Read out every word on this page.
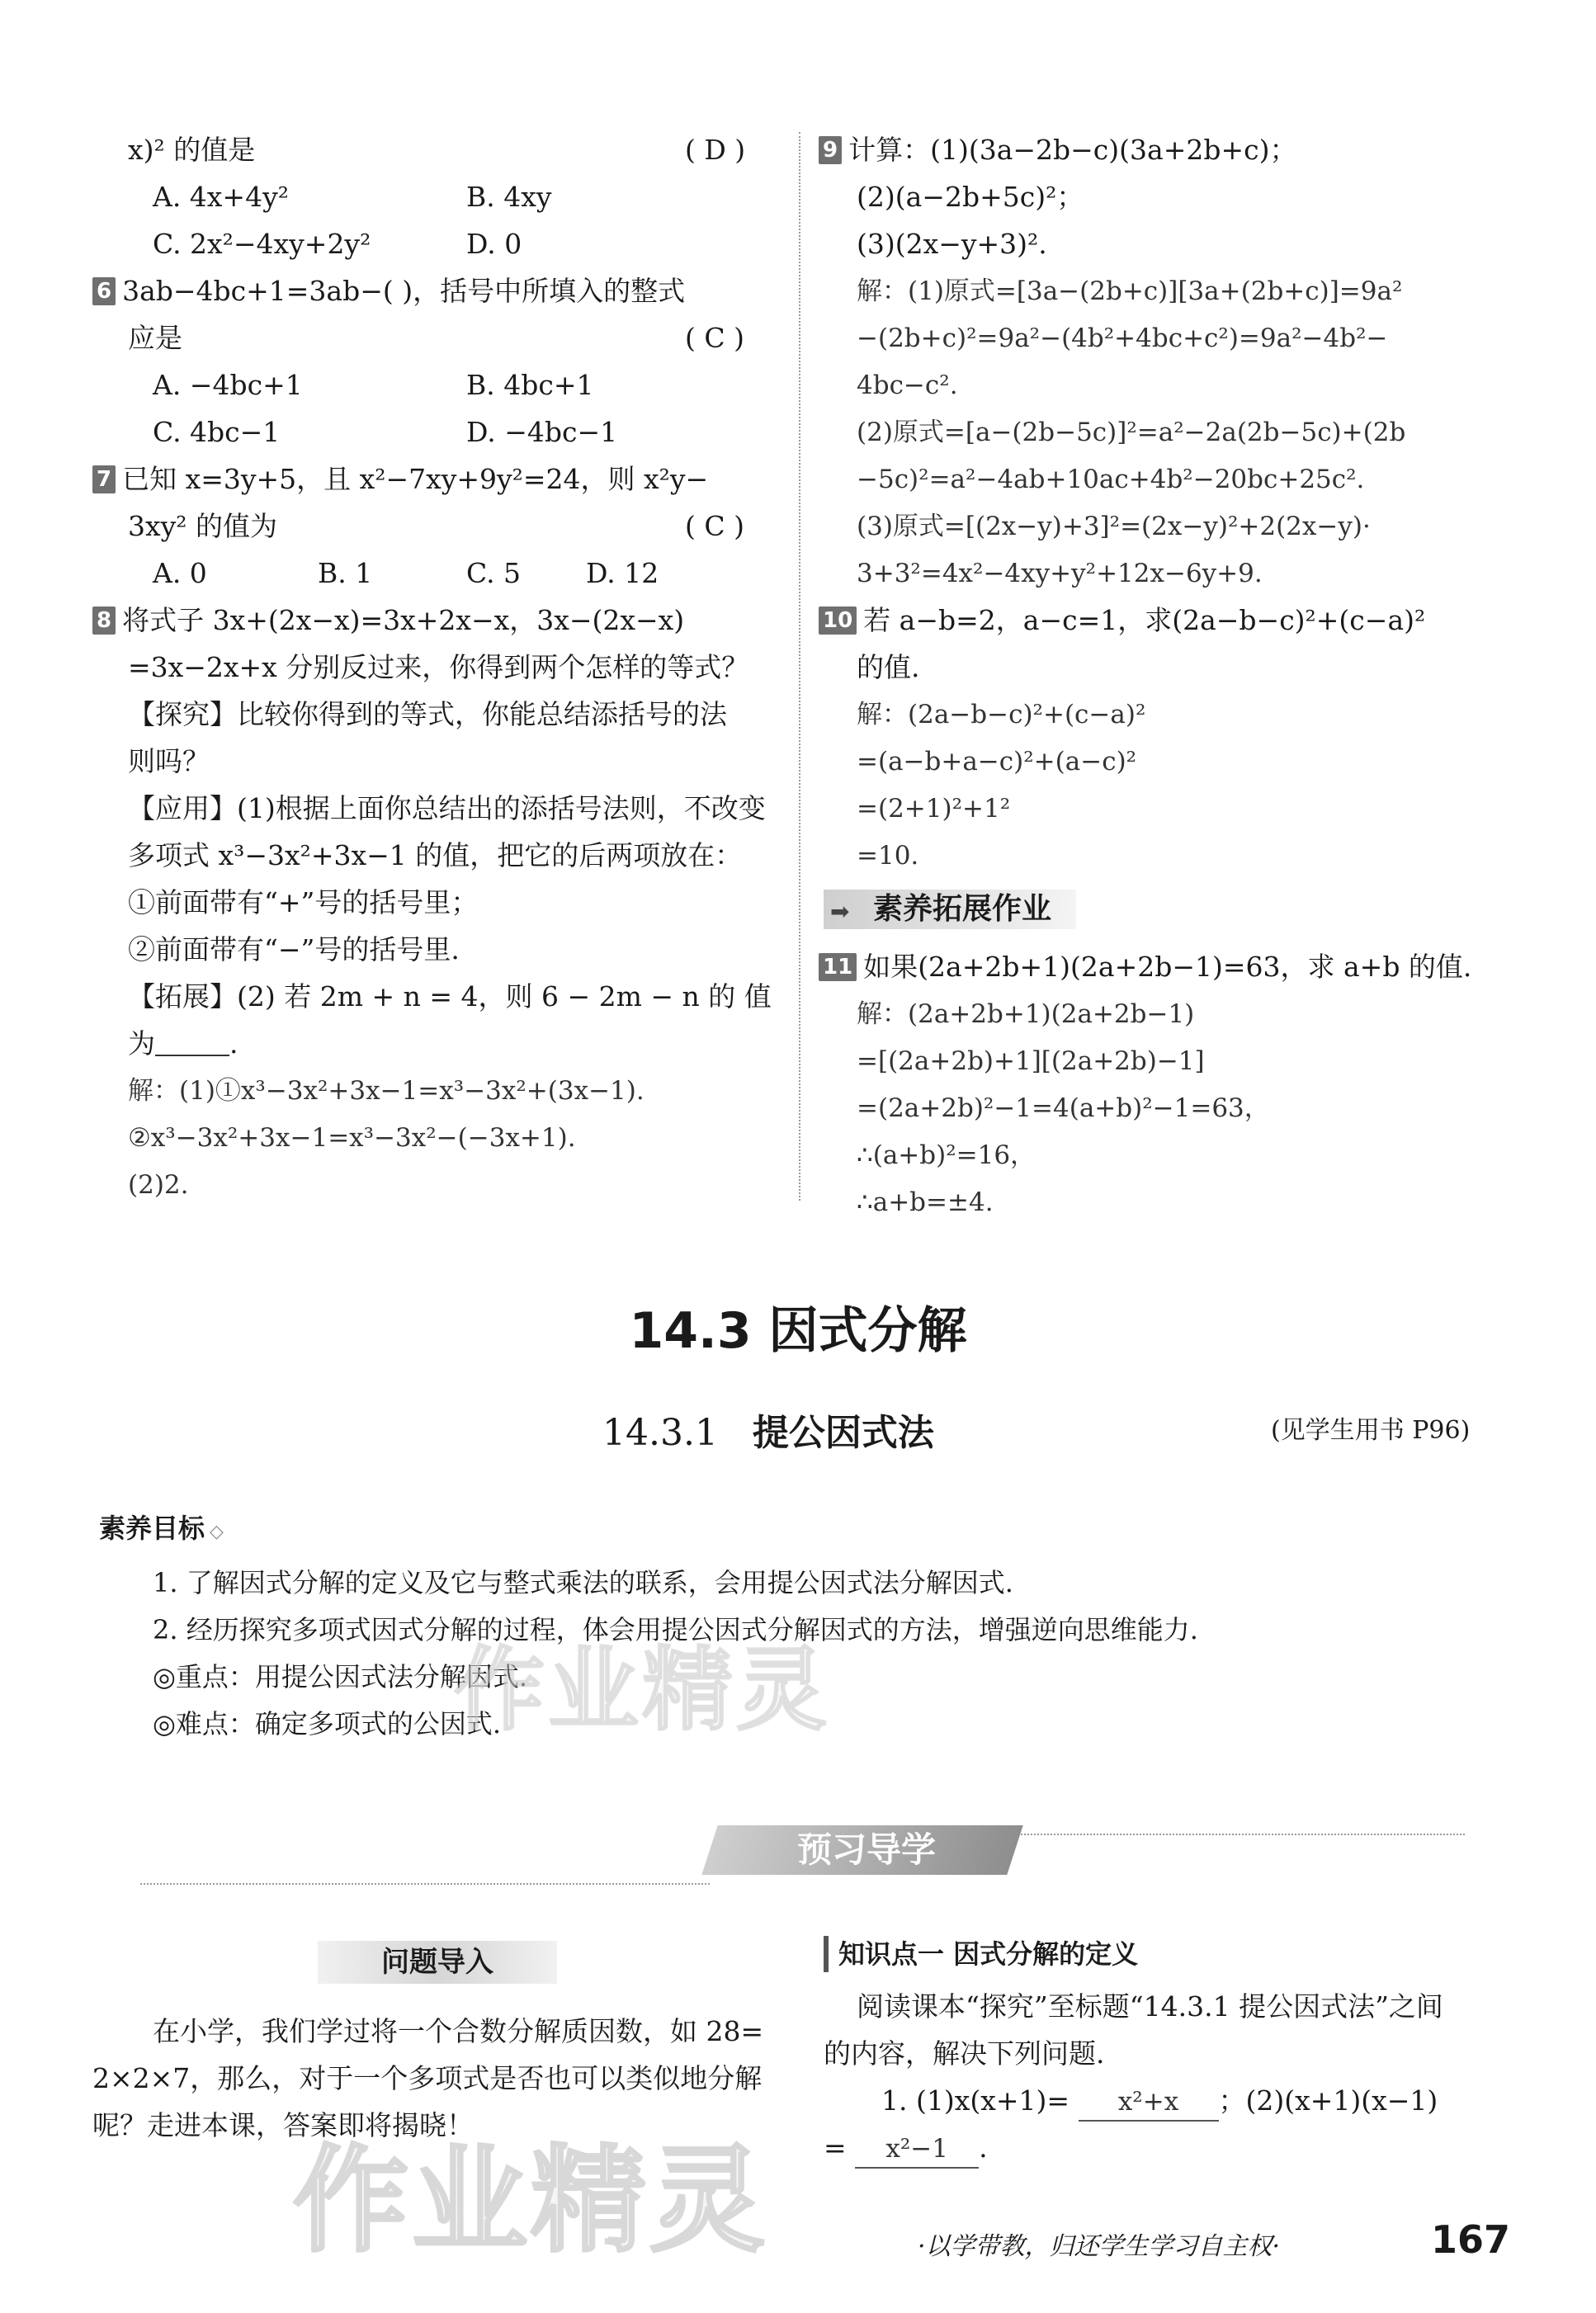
x)² 的值是	( D )
A. 4x+4y²	B. 4xy
C. 2x²−4xy+2y²	D. 0
6 3ab−4bc+1=3ab−( )，括号中所填入的整式
应是	( C )
A. −4bc+1	B. 4bc+1
C. 4bc−1	D. −4bc−1
7 已知 x=3y+5，且 x²−7xy+9y²=24，则 x²y−
3xy² 的值为	( C )
A. 0	B. 1	C. 5 D. 12
8 将式子 3x+(2x−x)=3x+2x−x，3x−(2x−x)
=3x−2x+x 分别反过来，你得到两个怎样的等式？
【探究】比较你得到的等式，你能总结添括号的法
则吗？
【应用】(1)根据上面你总结出的添括号法则，不改变
多项式 x³−3x²+3x−1 的值，把它的后两项放在：
①前面带有“+”号的括号里；
②前面带有“−”号的括号里.
【拓展】(2) 若 2m + n = 4，则 6 − 2m − n 的 值
为	.
解：(1)①x³−3x²+3x−1=x³−3x²+(3x−1).
②x³−3x²+3x−1=x³−3x²−(−3x+1).
(2)2.
9 计算：(1)(3a−2b−c)(3a+2b+c)；
(2)(a−2b+5c)²；
(3)(2x−y+3)².
解：(1)原式=[3a−(2b+c)][3a+(2b+c)]=9a²
−(2b+c)²=9a²−(4b²+4bc+c²)=9a²−4b²−
4bc−c².
(2)原式=[a−(2b−5c)]²=a²−2a(2b−5c)+(2b
−5c)²=a²−4ab+10ac+4b²−20bc+25c².
(3)原式=[(2x−y)+3]²=(2x−y)²+2(2x−y)·
3+3²=4x²−4xy+y²+12x−6y+9.
10 若 a−b=2，a−c=1，求(2a−b−c)²+(c−a)²
的值.
解：(2a−b−c)²+(c−a)²
=(a−b+a−c)²+(a−c)²
=(2+1)²+1²
=10.
素养拓展作业
➡
11 如果(2a+2b+1)(2a+2b−1)=63，求 a+b 的值.
解：(2a+2b+1)(2a+2b−1)
=[(2a+2b)+1][(2a+2b)−1]
=(2a+2b)²−1=4(a+b)²−1=63，
∴(a+b)²=16，
∴a+b=±4.
14.3 因式分解
14.3.1 提公因式法	(见学生用书 P96)
素养目标 ◇
1. 了解因式分解的定义及它与整式乘法的联系，会用提公因式法分解因式.
2. 经历探究多项式因式分解的过程，体会用提公因式分解因式的方法，增强逆向思维能力.
◎重点：用提公因式法分解因式.
◎难点：确定多项式的公因式.
作业精灵
预习导学
问题导入
在小学，我们学过将一个合数分解质因数，如 28=
2×2×7，那么，对于一个多项式是否也可以类似地分解
呢？走进本课，答案即将揭晓！
知识点一 因式分解的定义
阅读课本“探究”至标题“14.3.1 提公因式法”之间
的内容，解决下列问题.
1. (1)x(x+1)= x²+x ；(2)(x+1)(x−1)
= x²−1 .
作业精灵	·以学带教，归还学生学习自主权·	167
